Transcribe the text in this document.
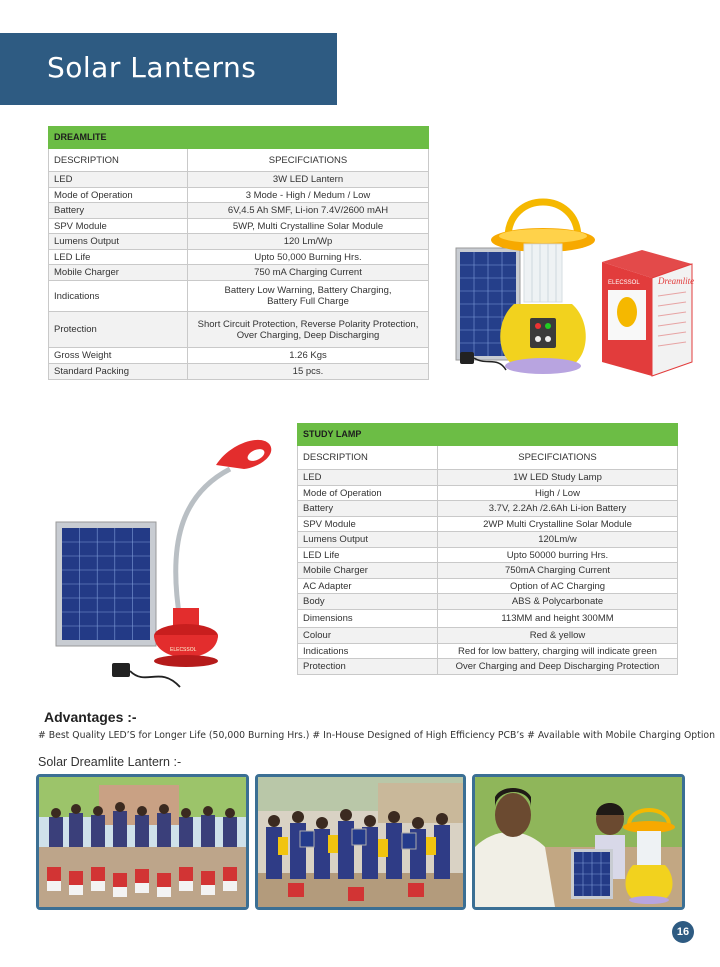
Solar Lanterns
DREAMLITE	
DESCRIPTION	SPECIFCIATIONS
LED	3W LED Lantern
Mode of Operation	3 Mode - High / Medum / Low
Battery	6V,4.5 Ah SMF, Li-ion 7.4V/2600 mAH
SPV Module	5WP, Multi Crystalline Solar Module
Lumens Output	120 Lm/Wp
LED Life	Upto 50,000 Burning Hrs.
Mobile Charger	750 mA Charging Current
Indications	Battery Low Warning, Battery Charging,
Battery Full Charge
Protection	Short Circuit Protection, Reverse Polarity Protection,
Over Charging, Deep Discharging
Gross Weight	1.26 Kgs
Standard Packing	15 pcs.
ELECSSOL Dreamlite
STUDY LAMP	
DESCRIPTION	SPECIFCIATIONS
LED	1W LED Study Lamp
Mode of Operation	High / Low
Battery	3.7V, 2.2Ah /2.6Ah Li-ion Battery
SPV Module	2WP Multi Crystalline Solar Module
Lumens Output	120Lm/w
LED Life	Upto 50000 burring Hrs.
Mobile Charger	750mA Charging Current
AC Adapter	Option of AC Charging
Body	ABS & Polycarbonate
Dimensions	113MM and height 300MM
Colour	Red & yellow
Indications	Red for low battery, charging will indicate green
Protection	Over Charging and Deep Discharging Protection
ELECSSOL
Advantages :-
# Best Quality LED’S for Longer Life (50,000 Burning Hrs.) # In-House Designed of High Efficiency PCB’s # Available with Mobile Charging Option
Solar Dreamlite Lantern :-
16
